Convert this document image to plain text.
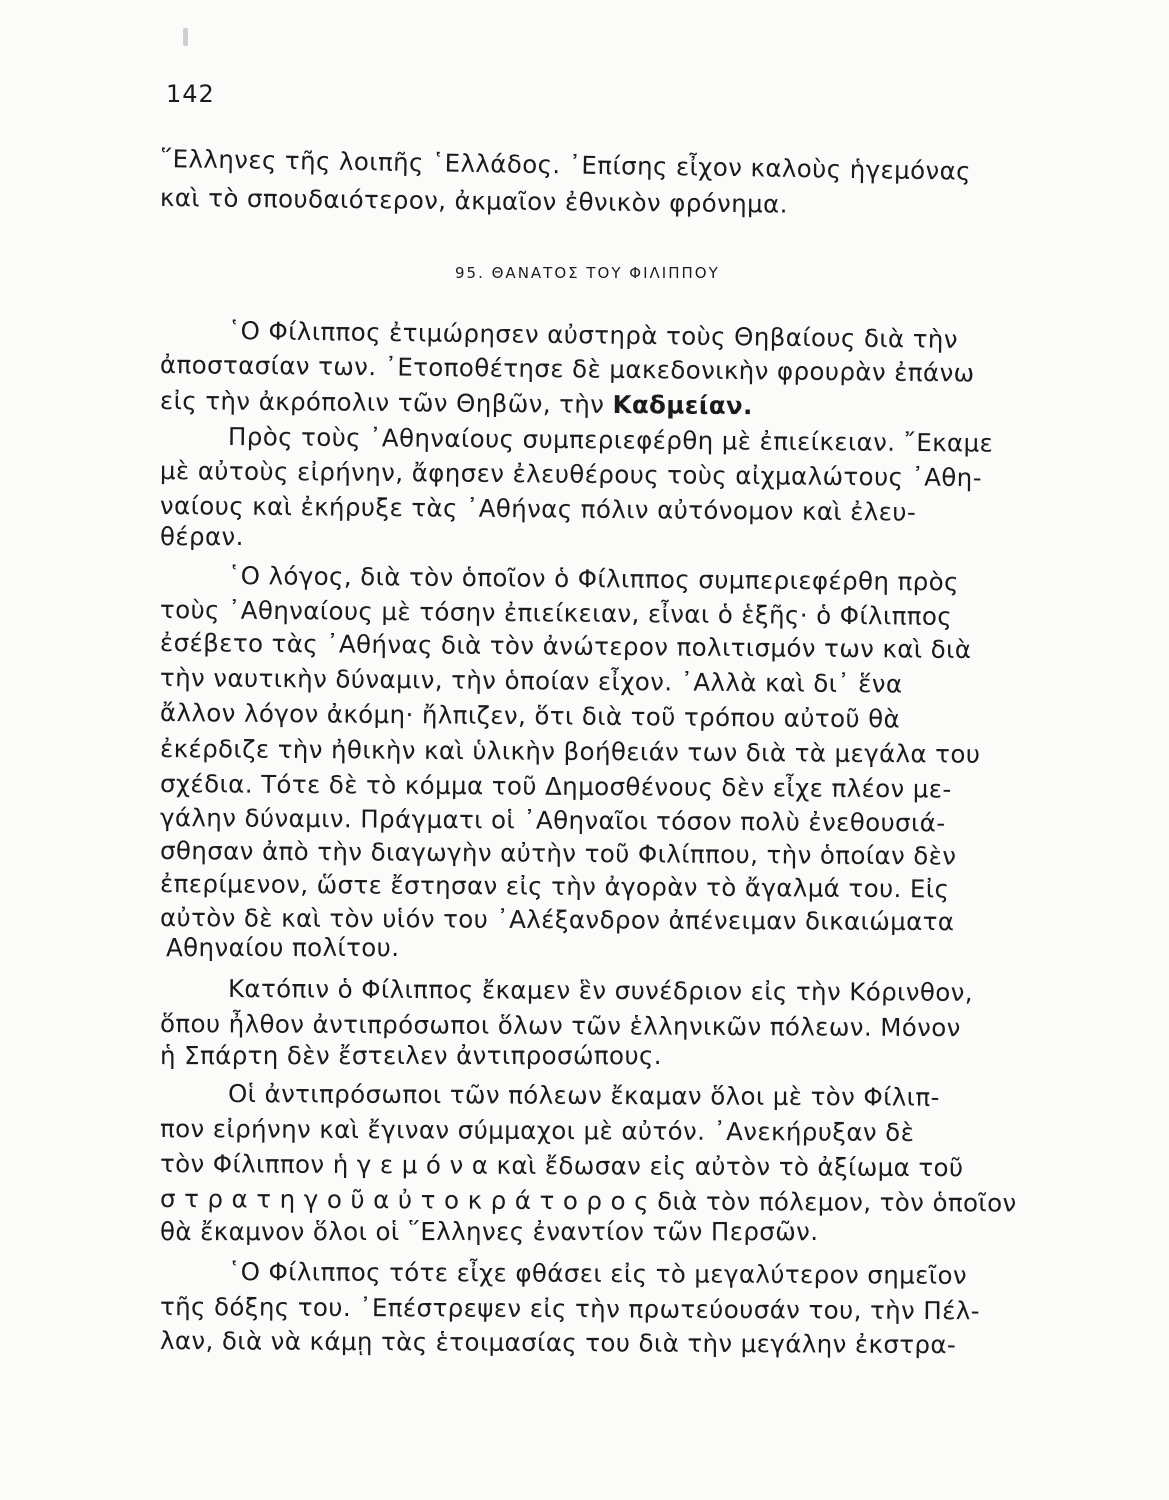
142
῞Ελληνες τῆς λοιπῆς ῾Ελλάδος. ᾿Επίσης εἶχον καλοὺς ἡγεμόνας
καὶ τὸ σπουδαιότερον, ἀκμαῖον ἐθνικὸν φρόνημα.
95. ΘΑΝΑΤΟΣ ΤΟΥ ΦΙΛΙΠΠΟΥ
῾Ο Φίλιππος ἐτιμώρησεν αὐστηρὰ τοὺς Θηβαίους διὰ τὴν
ἀποστασίαν των. ᾿Ετοποθέτησε δὲ μακεδονικὴν φρουρὰν ἐπάνω
εἰς τὴν ἀκρόπολιν τῶν Θηβῶν, τὴν Καδμείαν.
Πρὸς τοὺς ᾿Αθηναίους συμπεριεφέρθη μὲ ἐπιείκειαν. ῎Εκαμε
μὲ αὐτοὺς εἰρήνην, ἄφησεν ἐλευθέρους τοὺς αἰχμαλώτους ᾿Αθη-
ναίους καὶ ἐκήρυξε τὰς ᾿Αθήνας πόλιν αὐτόνομον καὶ ἐλευ-
θέραν.
῾Ο λόγος, διὰ τὸν ὁποῖον ὁ Φίλιππος συμπεριεφέρθη πρὸς
τοὺς ᾿Αθηναίους μὲ τόσην ἐπιείκειαν, εἶναι ὁ ἑξῆς· ὁ Φίλιππος
ἐσέβετο τὰς ᾿Αθήνας διὰ τὸν ἀνώτερον πολιτισμόν των καὶ διὰ
τὴν ναυτικὴν δύναμιν, τὴν ὁποίαν εἶχον. ᾿Αλλὰ καὶ δι᾿ ἕνα
ἄλλον λόγον ἀκόμη· ἤλπιζεν, ὅτι διὰ τοῦ τρόπου αὐτοῦ θὰ
ἐκέρδιζε τὴν ἠθικὴν καὶ ὑλικὴν βοήθειάν των διὰ τὰ μεγάλα του
σχέδια. Τότε δὲ τὸ κόμμα τοῦ Δημοσθένους δὲν εἶχε πλέον με-
γάλην δύναμιν. Πράγματι οἱ ᾿Αθηναῖοι τόσον πολὺ ἐνεθουσιά-
σθησαν ἀπὸ τὴν διαγωγὴν αὐτὴν τοῦ Φιλίππου, τὴν ὁποίαν δὲν
ἐπερίμενον, ὥστε ἔστησαν εἰς τὴν ἀγορὰν τὸ ἄγαλμά του. Εἰς
αὐτὸν δὲ καὶ τὸν υἱόν του ᾿Αλέξανδρον ἀπένειμαν δικαιώματα
Αθηναίου πολίτου.
Κατόπιν ὁ Φίλιππος ἔκαμεν ἓν συνέδριον εἰς τὴν Κόρινθον,
ὅπου ἦλθον ἀντιπρόσωποι ὅλων τῶν ἑλληνικῶν πόλεων. Μόνον
ἡ Σπάρτη δὲν ἔστειλεν ἀντιπροσώπους.
Οἱ ἀντιπρόσωποι τῶν πόλεων ἔκαμαν ὅλοι μὲ τὸν Φίλιπ-
πον εἰρήνην καὶ ἔγιναν σύμμαχοι μὲ αὐτόν. ᾿Ανεκήρυξαν δὲ
τὸν Φίλιππον ἡ γ ε μ ό ν α καὶ ἔδωσαν εἰς αὐτὸν τὸ ἀξίωμα τοῦ
σ τ ρ α τ η γ ο ῦ α ὐ τ ο κ ρ ά τ ο ρ ο ς διὰ τὸν πόλεμον, τὸν ὁποῖον
θὰ ἔκαμνον ὅλοι οἱ ῞Ελληνες ἐναντίον τῶν Περσῶν.
῾Ο Φίλιππος τότε εἶχε φθάσει εἰς τὸ μεγαλύτερον σημεῖον
τῆς δόξης του. ᾿Επέστρεψεν εἰς τὴν πρωτεύουσάν του, τὴν Πέλ-
λαν, διὰ νὰ κάμῃ τὰς ἑτοιμασίας του διὰ τὴν μεγάλην ἐκστρα-
